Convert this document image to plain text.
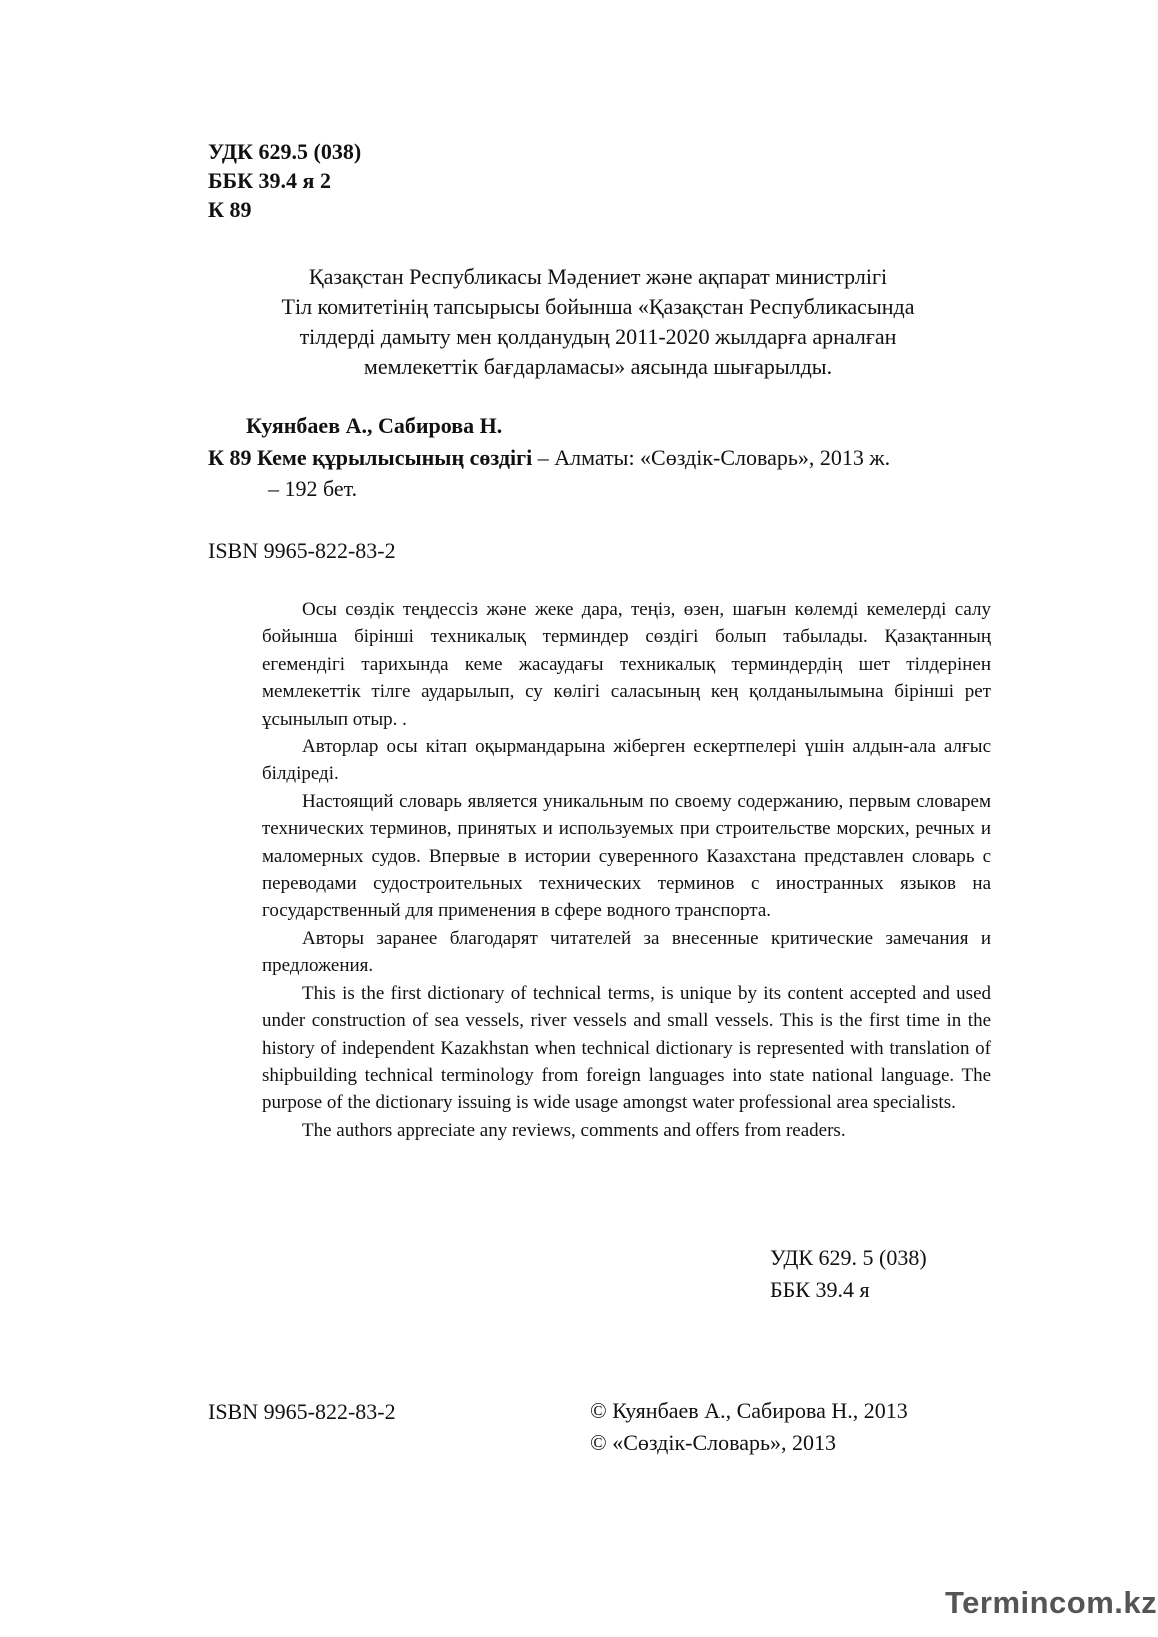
УДК 629.5 (038)
ББК 39.4 я 2
К 89
Қазақстан Республикасы Мәдениет және ақпарат министрлігі
Тіл комитетінің тапсырысы бойынша «Қазақстан Республикасында
тілдерді дамыту мен қолданудың 2011-2020 жылдарға арналған
мемлекеттік бағдарламасы» аясында шығарылды.
Куянбаев А., Сабирова Н.
К 89 Кеме құрылысының сөздігі – Алматы: «Сөздік-Словарь», 2013 ж.
– 192 бет.
ISBN 9965-822-83-2

Осы сөздік теңдессіз және жеке дара, теңіз, өзен, шағын көлемді кемелерді салу бойынша бірінші техникалық терминдер сөздігі болып табылады. Қазақтанның егемендігі тарихында кеме жасаудағы техникалық терминдердің шет тілдерінен мемлекеттік тілге аударылып, су көлігі саласының кең қолданылымына бірінші рет ұсынылып отыр. .

Авторлар осы кітап оқырмандарына жіберген ескертпелері үшін алдын-ала алғыс білдіреді.

Настоящий словарь является уникальным по своему содержанию, первым словарем технических терминов, принятых и используемых при строительстве морских, речных и маломерных судов. Впервые в истории суверенного Казахстана представлен словарь с переводами судостроительных технических терминов с иностранных языков на государственный для применения в сфере водного транспорта.

Авторы заранее благодарят читателей за внесенные критические замечания и предложения.

This is the first dictionary of technical terms, is unique by its content accepted and used under construction of sea vessels, river vessels and small vessels. This is the first time in the history of independent Kazakhstan when technical dictionary is represented with translation of shipbuilding technical terminology from foreign languages into state national language. The purpose of the dictionary issuing is wide usage amongst water professional area specialists.

The authors appreciate any reviews, comments and offers from readers.

УДК 629. 5 (038)
ББК 39.4 я
ISBN 9965-822-83-2	© Куянбаев А., Сабирова Н., 2013
© «Сөздік-Словарь», 2013
Termincom.kz
